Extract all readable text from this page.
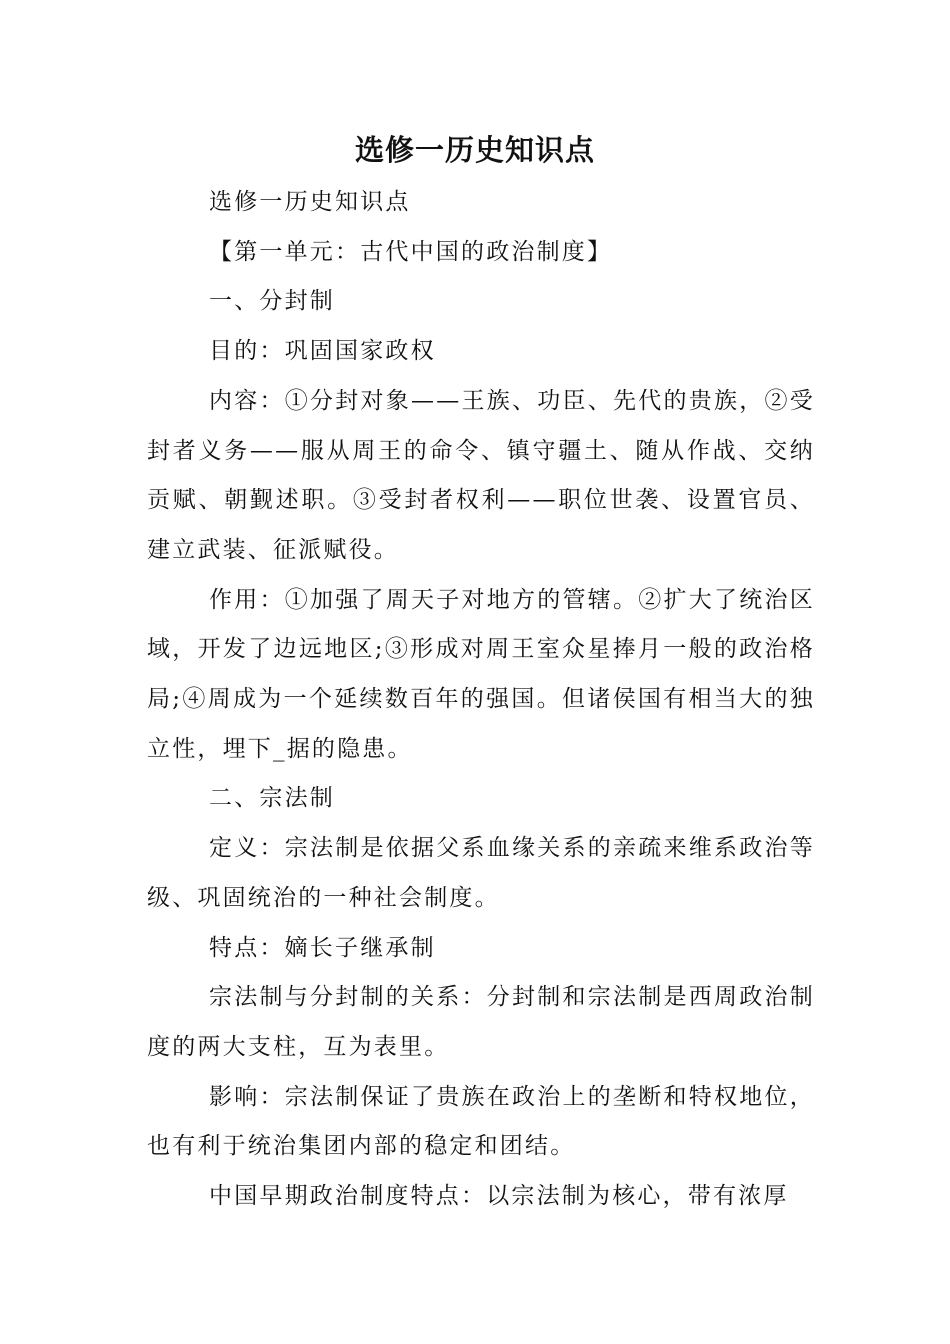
选修一历史知识点

选修一历史知识点

【第一单元：古代中国的政治制度】

一、分封制

目的：巩固国家政权

内容：①分封对象——王族、功臣、先代的贵族，②受封者义务——服从周王的命令、镇守疆土、随从作战、交纳贡赋、朝觐述职。③受封者权利——职位世袭、设置官员、建立武装、征派赋役。

作用：①加强了周天子对地方的管辖。②扩大了统治区域，开发了边远地区;③形成对周王室众星捧月一般的政治格局;④周成为一个延续数百年的强国。但诸侯国有相当大的独立性，埋下_据的隐患。

二、宗法制

定义：宗法制是依据父系血缘关系的亲疏来维系政治等级、巩固统治的一种社会制度。

特点：嫡长子继承制

宗法制与分封制的关系：分封制和宗法制是西周政治制度的两大支柱，互为表里。

影响：宗法制保证了贵族在政治上的垄断和特权地位，也有利于统治集团内部的稳定和团结。

中国早期政治制度特点：以宗法制为核心，带有浓厚
